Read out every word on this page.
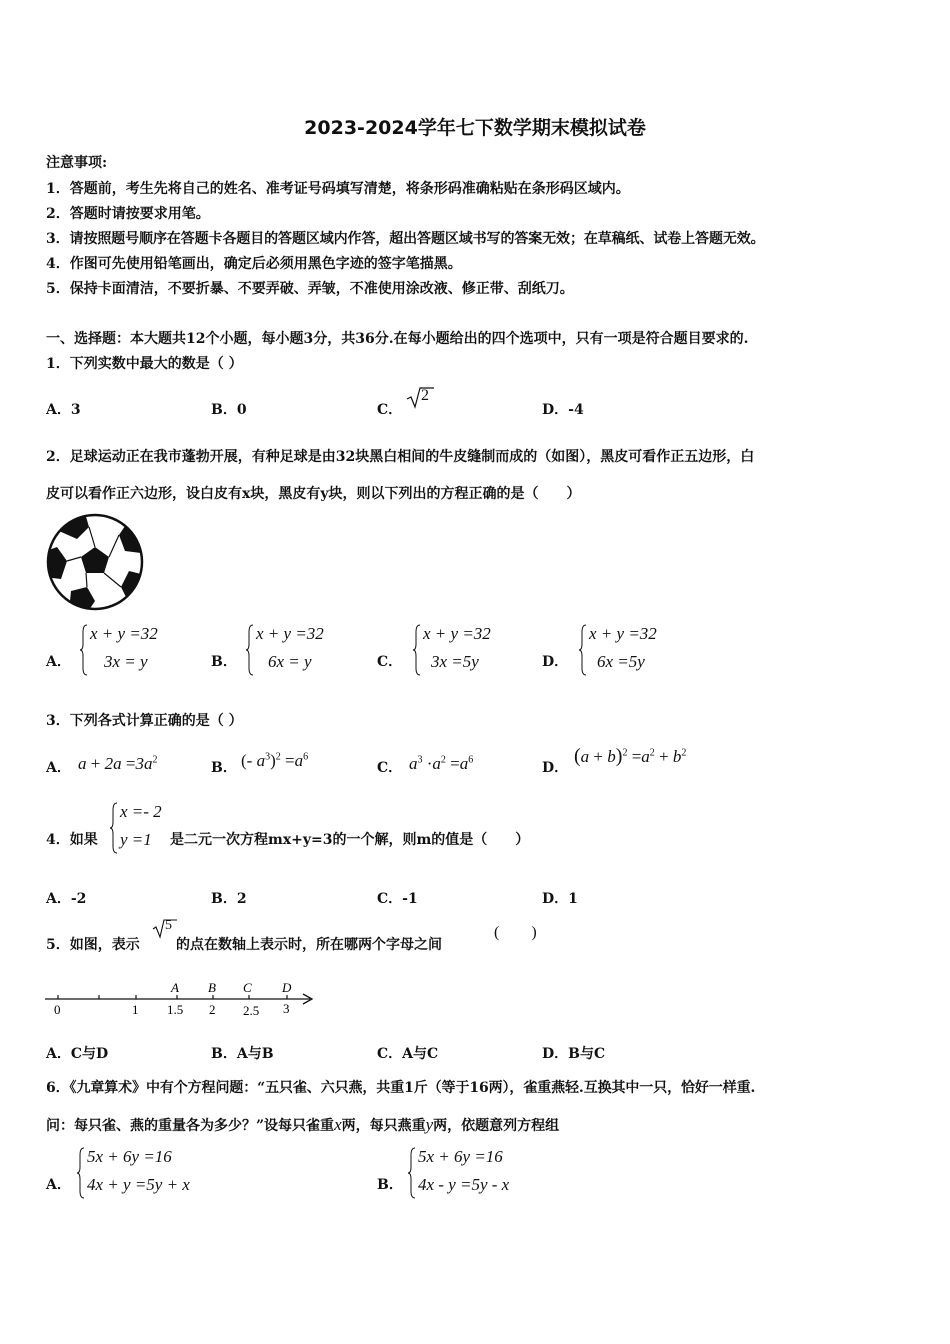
2023-2024学年七下数学期末模拟试卷
注意事项:
1．答题前，考生先将自己的姓名、准考证号码填写清楚，将条形码准确粘贴在条形码区域内。
2．答题时请按要求用笔。
3．请按照题号顺序在答题卡各题目的答题区域内作答，超出答题区域书写的答案无效；在草稿纸、试卷上答题无效。
4．作图可先使用铅笔画出，确定后必须用黑色字迹的签字笔描黑。
5．保持卡面清洁，不要折暴、不要弄破、弄皱，不准使用涂改液、修正带、刮纸刀。
一、选择题：本大题共12个小题，每小题3分，共36分.在每小题给出的四个选项中，只有一项是符合题目要求的.
1．下列实数中最大的数是（ ）
A．3	B．0	C．
2
D．-4
2．足球运动正在我市蓬勃开展，有种足球是由32块黑白相间的牛皮缝制而成的（如图），黑皮可看作正五边形，白
皮可以看作正六边形，设白皮有x块，黑皮有y块，则以下列出的方程正确的是（　　）
A．
x + y =32
3x = y	B．
x + y =32
6x = y	C．
x + y =32
3x =5y	D．
x + y =32
6x =5y
3．下列各式计算正确的是（ ）
A． $a + 2a =3a^2$
B． (- $a^3)^2 =a^6$
C． $a^3 \cdot a^2 =a^6$
D．
$(a + b)^2 =a^2 + b^2$
4．如果
x =- 2
y =1 是二元一次方程mx+y=3的一个解，则m的值是（　　）
A．-2	B．2	C．-1	D．1
5．如图，表示
5
的点在数轴上表示时，所在哪两个字母之间
(　　)
A B C D
0	1 1.5 2 2.5 3
A．C与D	B．A与B	C．A与C	D．B与C
6．《九章算术》中有个方程问题：“五只雀、六只燕，共重1斤（等于16两），雀重燕轻.互换其中一只，恰好一样重.
问：每只雀、燕的重量各为多少？”设每只雀重x两，每只燕重y两，依题意列方程组
A．
5x + 6y =16
4x + y =5y + x	B．
5x + 6y =16
4x - y =5y - x
